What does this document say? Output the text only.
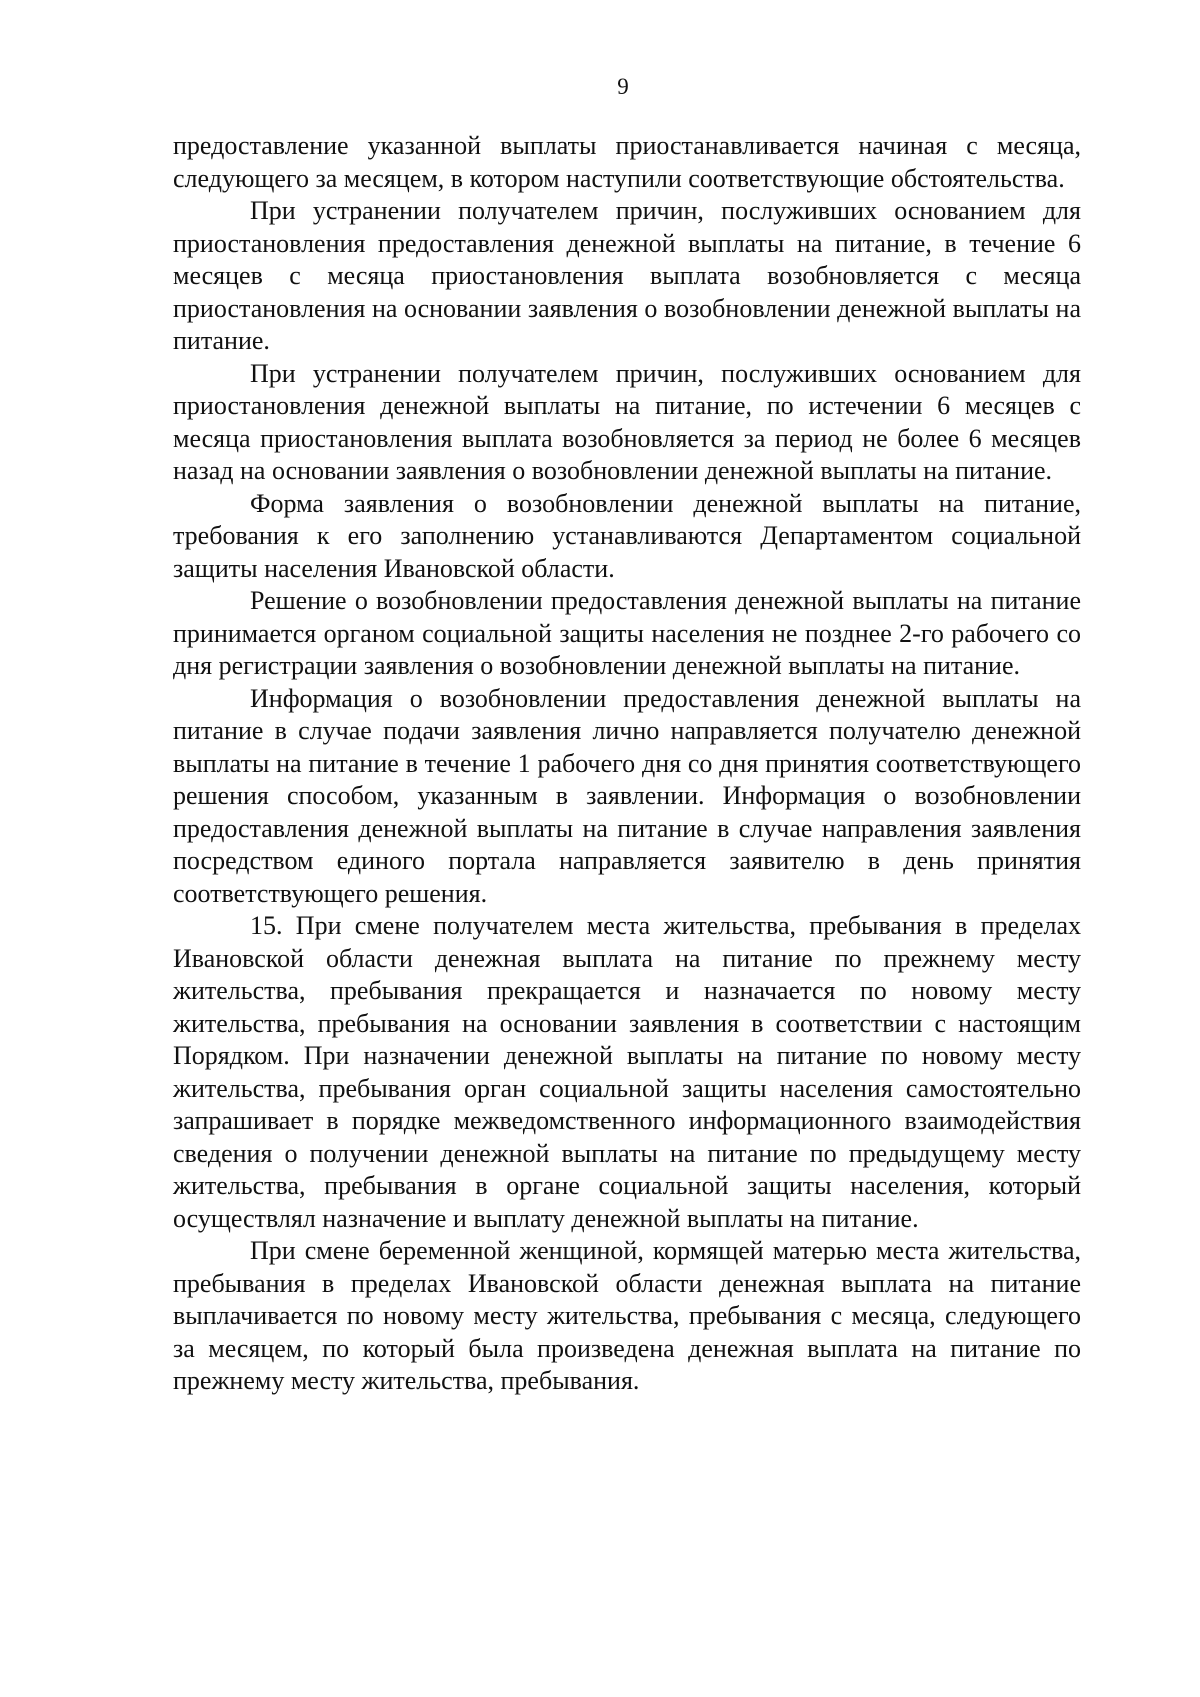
9

предоставление указанной выплаты приостанавливается начиная с месяца, следующего за месяцем, в котором наступили соответствующие обстоятельства.

При устранении получателем причин, послуживших основанием для приостановления предоставления денежной выплаты на питание, в течение 6 месяцев с месяца приостановления выплата возобновляется с месяца приостановления на основании заявления о возобновлении денежной выплаты на питание.

При устранении получателем причин, послуживших основанием для приостановления денежной выплаты на питание, по истечении 6 месяцев с месяца приостановления выплата возобновляется за период не более 6 месяцев назад на основании заявления о возобновлении денежной выплаты на питание.

Форма заявления о возобновлении денежной выплаты на питание, требования к его заполнению устанавливаются Департаментом социальной защиты населения Ивановской области.

Решение о возобновлении предоставления денежной выплаты на питание принимается органом социальной защиты населения не позднее 2-го рабочего со дня регистрации заявления о возобновлении денежной выплаты на питание.

Информация о возобновлении предоставления денежной выплаты на питание в случае подачи заявления лично направляется получателю денежной выплаты на питание в течение 1 рабочего дня со дня принятия соответствующего решения способом, указанным в заявлении. Информация о возобновлении предоставления денежной выплаты на питание в случае направления заявления посредством единого портала направляется заявителю в день принятия соответствующего решения.

15. При смене получателем места жительства, пребывания в пределах Ивановской области денежная выплата на питание по прежнему месту жительства, пребывания прекращается и назначается по новому месту жительства, пребывания на основании заявления в соответствии с настоящим Порядком. При назначении денежной выплаты на питание по новому месту жительства, пребывания орган социальной защиты населения самостоятельно запрашивает в порядке межведомственного информационного взаимодействия сведения о получении денежной выплаты на питание по предыдущему месту жительства, пребывания в органе социальной защиты населения, который осуществлял назначение и выплату денежной выплаты на питание.

При смене беременной женщиной, кормящей матерью места жительства, пребывания в пределах Ивановской области денежная выплата на питание выплачивается по новому месту жительства, пребывания с месяца, следующего за месяцем, по который была произведена денежная выплата на питание по прежнему месту жительства, пребывания.
